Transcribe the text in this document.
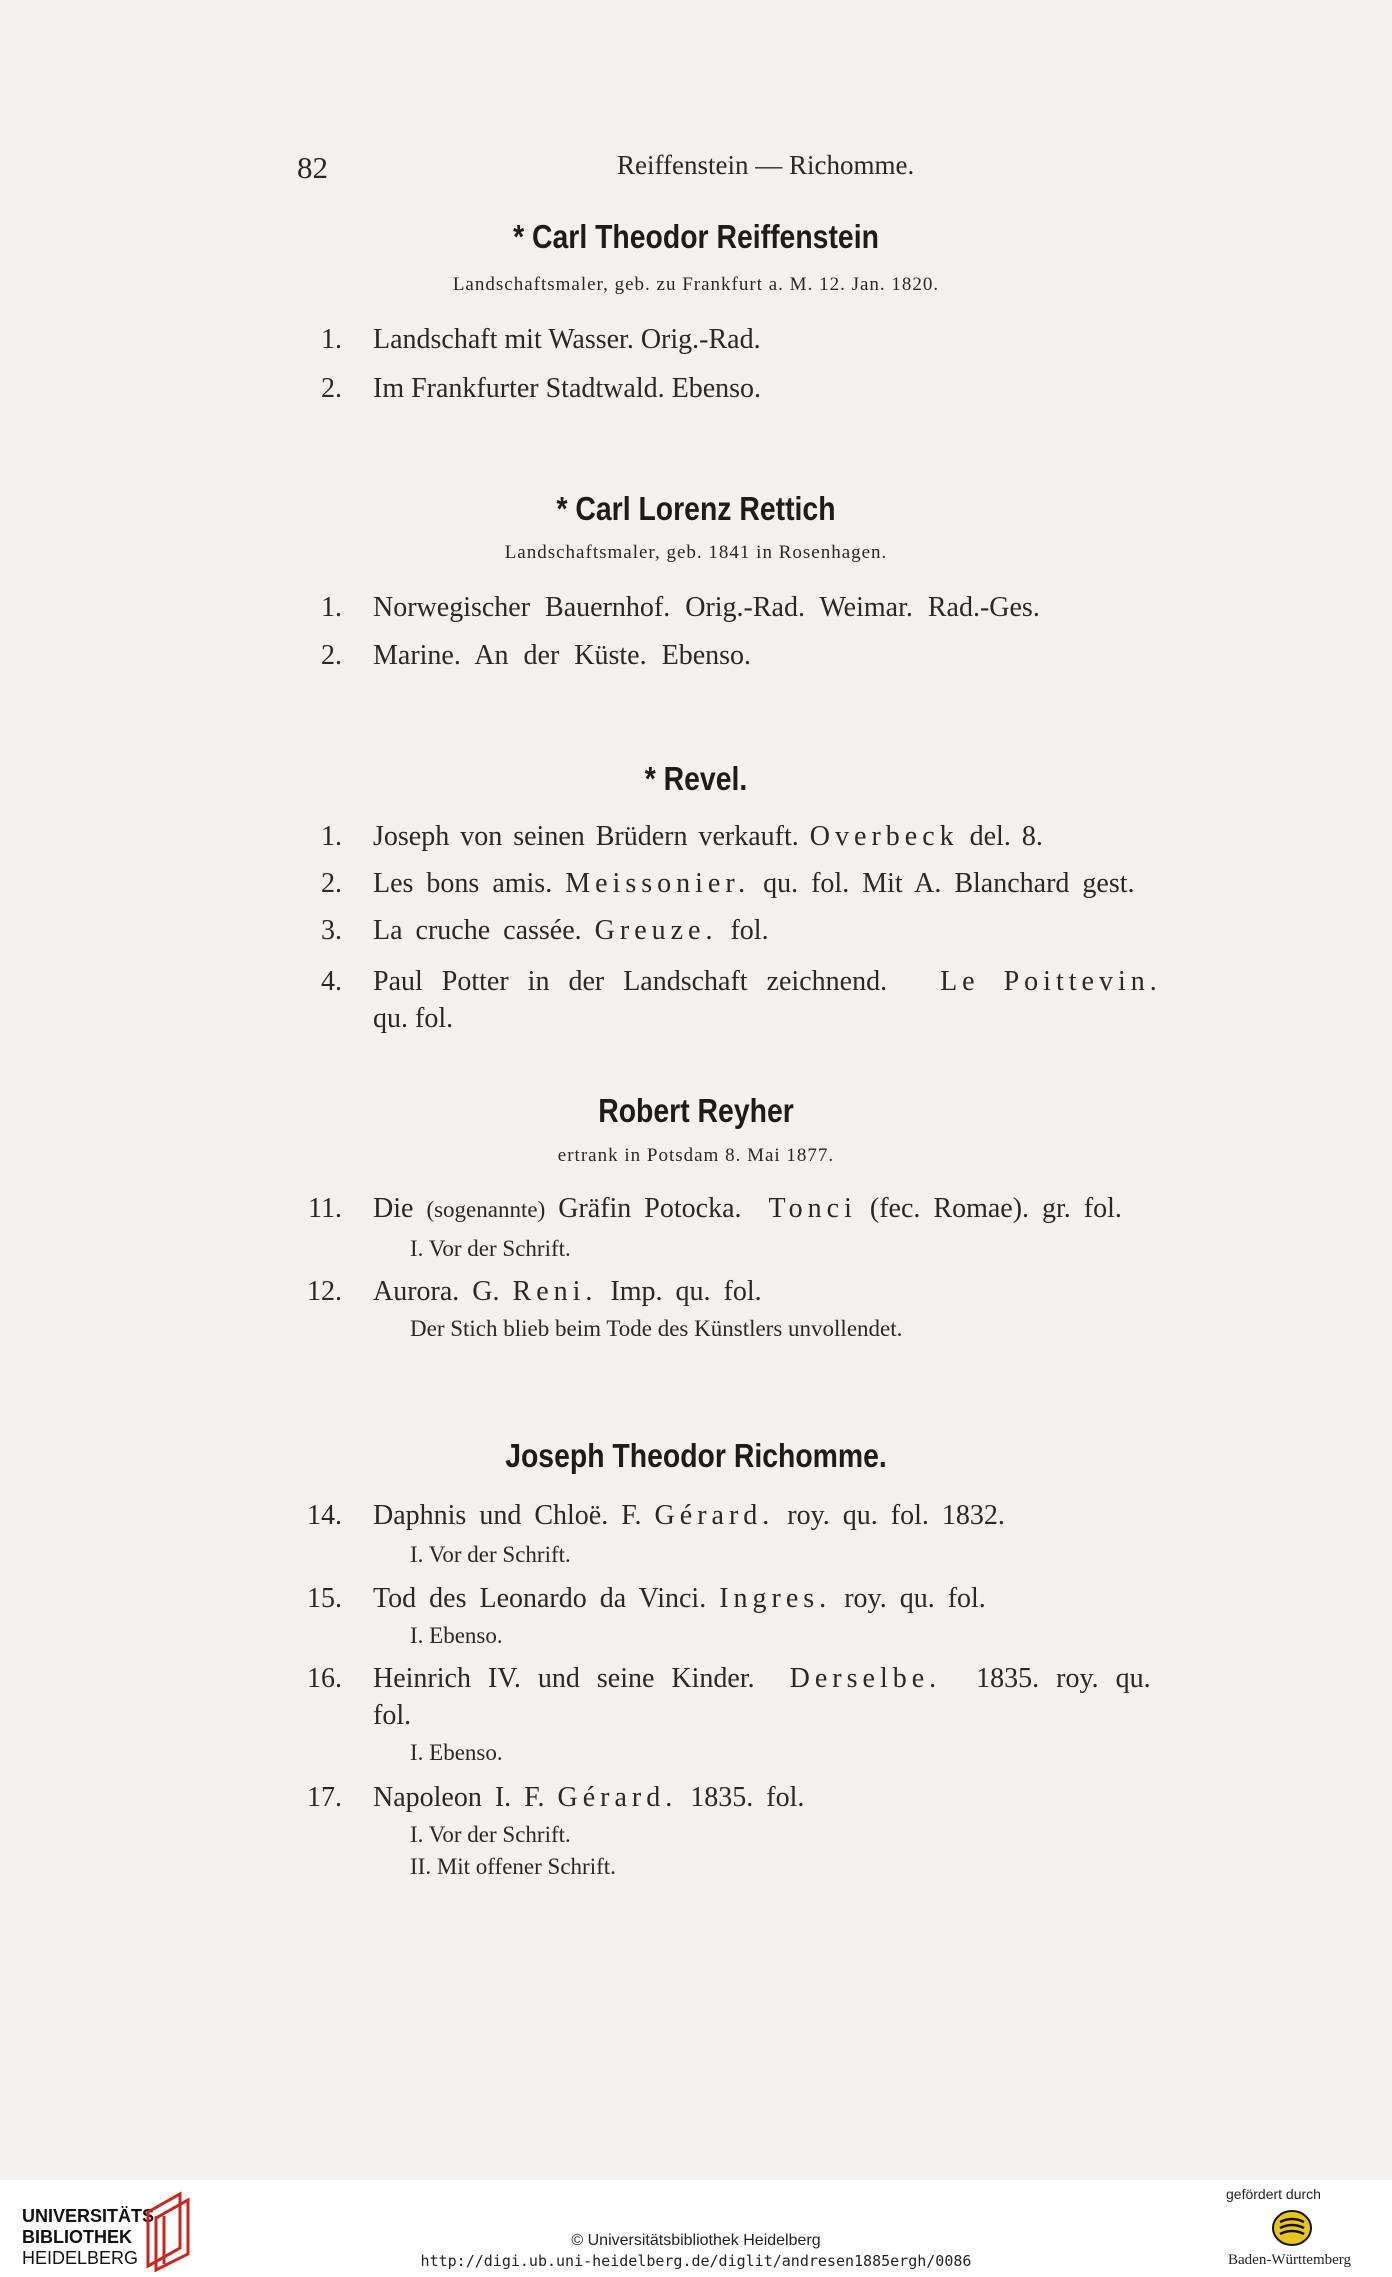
82	Reiffenstein — Richomme.
* Carl Theodor Reiffenstein
Landschaftsmaler, geb. zu Frankfurt a. M. 12. Jan. 1820.
1. Landschaft mit Wasser. Orig.-Rad.
2. Im Frankfurter Stadtwald. Ebenso.
* Carl Lorenz Rettich
Landschaftsmaler, geb. 1841 in Rosenhagen.
1. Norwegischer Bauernhof. Orig.-Rad. Weimar. Rad.-Ges.
2. Marine. An der Küste. Ebenso.
* Revel.
1. Joseph von seinen Brüdern verkauft. Overbeck del. 8.
2. Les bons amis. Meissonier. qu. fol. Mit A. Blanchard gest.
3. La cruche cassée. Greuze. fol.
4. Paul Potter in der Landschaft zeichnend. Le Poittevin.
qu. fol.
Robert Reyher
ertrank in Potsdam 8. Mai 1877.
11. Die (sogenannte) Gräfin Potocka. Tonci (fec. Romae). gr. fol.
I. Vor der Schrift.
12. Aurora. G. Reni. Imp. qu. fol.
Der Stich blieb beim Tode des Künstlers unvollendet.
Joseph Theodor Richomme.
14. Daphnis und Chloë. F. Gérard. roy. qu. fol. 1832.
I. Vor der Schrift.
15. Tod des Leonardo da Vinci. Ingres. roy. qu. fol.
I. Ebenso.
16. Heinrich IV. und seine Kinder. Derselbe. 1835. roy. qu.
fol.
I. Ebenso.
17. Napoleon I. F. Gérard. 1835. fol.
I. Vor der Schrift.
II. Mit offener Schrift.
UNIVERSITÄTS-
BIBLIOTHEK
HEIDELBERG
© Universitätsbibliothek Heidelberg
http://digi.ub.uni-heidelberg.de/diglit/andresen1885ergh/0086
gefördert durch
Baden-Württemberg
